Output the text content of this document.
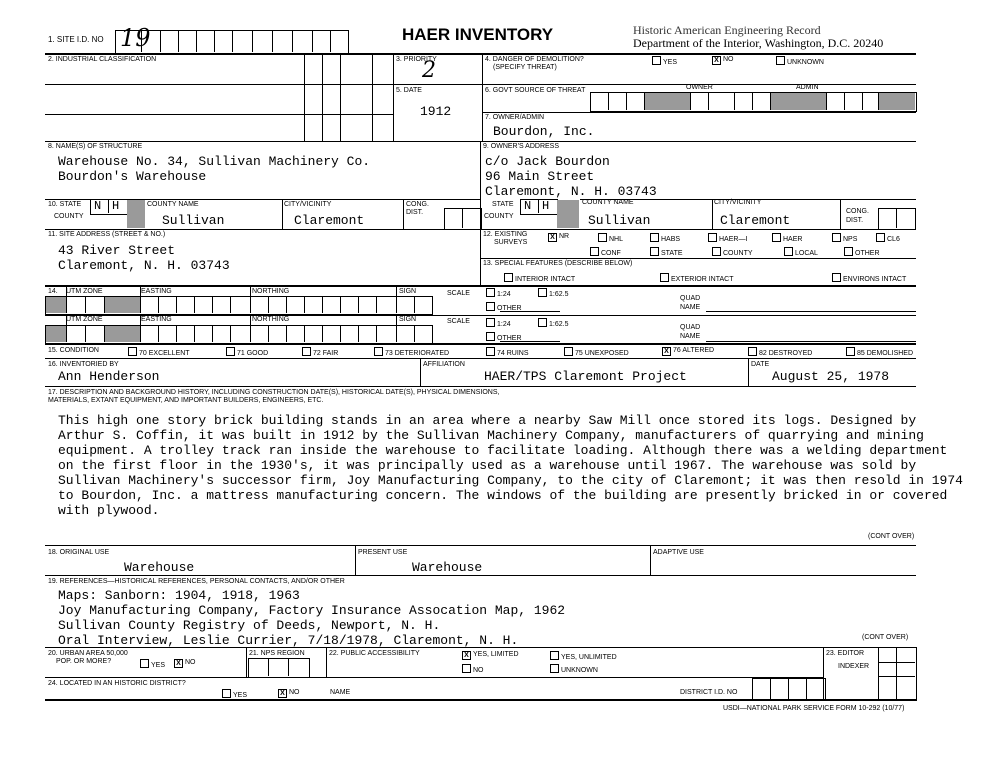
1. SITE I.D. NO 19	HAER INVENTORY	Historic American Engineering Record
Department of the Interior, Washington, D.C. 20240
2. INDUSTRIAL CLASSIFICATION	3. PRIORITY
2
5. DATE
1912
4. DANGER OF DEMOLITION?
(SPECIFY THREAT)
YES	X NO	UNKNOWN
6. GOVT SOURCE OF THREAT	OWNER	ADMIN
7. OWNER/ADMIN
Bourdon, Inc.
8. NAME(S) OF STRUCTURE
Warehouse No. 34, Sullivan Machinery Co.
Bourdon's Warehouse
9. OWNER'S ADDRESS
c/o Jack Bourdon
96 Main Street
Claremont, N. H. 03743
10. STATE
COUNTY
N H	COUNTY NAME
Sullivan
CITY/VICINITY
Claremont
CONG.
DIST.
STATE
COUNTY
N H	COUNTY NAME
Sullivan
CITY/VICINITY
Claremont
CONG.
DIST.
11. SITE ADDRESS (STREET & NO.)
43 River Street
Claremont, N. H. 03743
12. EXISTING
SURVEYS
X NR	NHL	HABS	HAER—I	HAER	NPS	CL6
CONF	STATE	COUNTY	LOCAL	OTHER
13. SPECIAL FEATURES (DESCRIBE BELOW)
INTERIOR INTACT	EXTERIOR INTACT	ENVIRONS INTACT
14. UTM ZONE	EASTING	NORTHING	SIGN	SCALE	1:24	1:62.5
OTHER
QUAD
NAME
UTM ZONE	EASTING	NORTHING	SIGN	SCALE	1:24	1:62.5
OTHER
QUAD
NAME
15. CONDITION	70 EXCELLENT	71 GOOD	72 FAIR	73 DETERIORATED	74 RUINS	75 UNEXPOSED	X 76 ALTERED	82 DESTROYED	85 DEMOLISHED
16. INVENTORIED BY
Ann Henderson
AFFILIATION
HAER/TPS Claremont Project
DATE
August 25, 1978
17. DESCRIPTION AND BACKGROUND HISTORY, INCLUDING CONSTRUCTION DATE(S), HISTORICAL DATE(S), PHYSICAL DIMENSIONS,
MATERIALS, EXTANT EQUIPMENT, AND IMPORTANT BUILDERS, ENGINEERS, ETC.
This high one story brick building stands in an area where a nearby Saw Mill once stored its logs. Designed by
Arthur S. Coffin, it was built in 1912 by the Sullivan Machinery Company, manufacturers of quarrying and mining
equipment. A trolley track ran inside the warehouse to facilitate loading. Although there was a welding department
on the first floor in the 1930's, it was principally used as a warehouse until 1967. The warehouse was sold by
Sullivan Machinery's successor firm, Joy Manufacturing Company, to the city of Claremont; it was then resold in 1974
to Bourdon, Inc. a mattress manufacturing concern. The windows of the building are presently bricked in or covered
with plywood.
(CONT OVER)
18. ORIGINAL USE
Warehouse
PRESENT USE
Warehouse
ADAPTIVE USE
19. REFERENCES—HISTORICAL REFERENCES, PERSONAL CONTACTS, AND/OR OTHER
Maps: Sanborn: 1904, 1918, 1963
Joy Manufacturing Company, Factory Insurance Assocation Map, 1962
Sullivan County Registry of Deeds, Newport, N. H.
Oral Interview, Leslie Currier, 7/18/1978, Claremont, N. H.	(CONT OVER)
20. URBAN AREA 50,000
POP. OR MORE?
YES	X NO
21. NPS REGION	22. PUBLIC ACCESSIBILITY	X YES, LIMITED	YES, UNLIMITED
NO	UNKNOWN
23. EDITOR
INDEXER
24. LOCATED IN AN HISTORIC DISTRICT?
YES	X NO	NAME	DISTRICT I.D. NO
USDI—NATIONAL PARK SERVICE FORM 10-292 (10/77)
